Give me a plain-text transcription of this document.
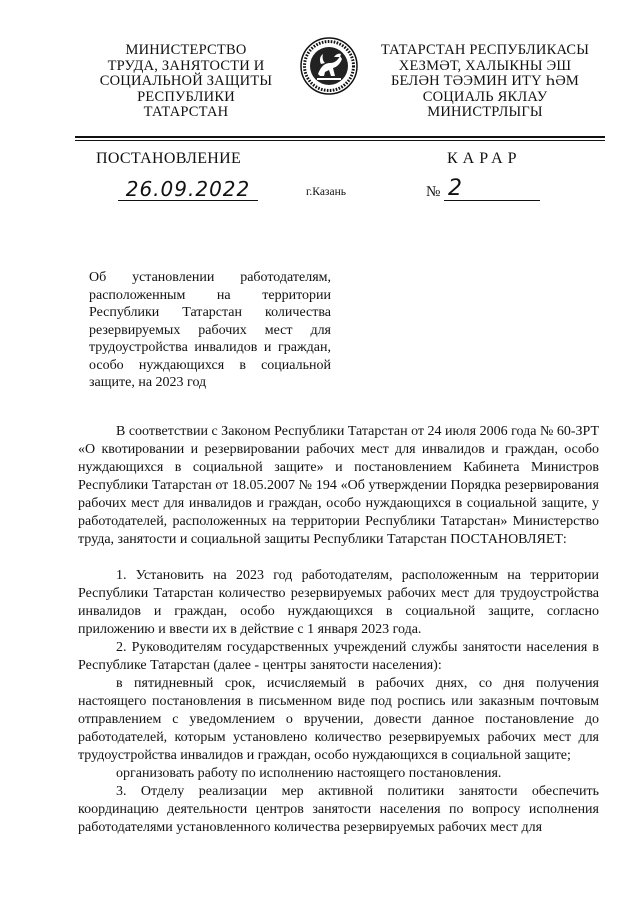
МИНИСТЕРСТВО
ТРУДА, ЗАНЯТОСТИ И
СОЦИАЛЬНОЙ ЗАЩИТЫ
РЕСПУБЛИКИ
ТАТАРСТАН
ТАТАРСТАН РЕСПУБЛИКАСЫ
ХЕЗМӘТ, ХАЛЫКНЫ ЭШ
БЕЛӘН ТӘЭМИН ИТҮ ҺӘМ
СОЦИАЛЬ ЯКЛАУ
МИНИСТРЛЫГЫ
ПОСТАНОВЛЕНИЕ	КАРАР
26.09.2022	г.Казань	№ 2
Об установлении работодателям, расположенным на территории Республики Татарстан количества резервируемых рабочих мест для трудоустройства инвалидов и граждан, особо нуждающихся в социальной защите, на 2023 год

В соответствии с Законом Республики Татарстан от 24 июля 2006 года № 60-ЗРТ «О квотировании и резервировании рабочих мест для инвалидов и граждан, особо нуждающихся в социальной защите» и постановлением Кабинета Министров Республики Татарстан от 18.05.2007 № 194 «Об утверждении Порядка резервирования рабочих мест для инвалидов и граждан, особо нуждающихся в социальной защите, у работодателей, расположенных на территории Республики Татарстан» Министерство труда, занятости и социальной защиты Республики Татарстан ПОСТАНОВЛЯЕТ:

1. Установить на 2023 год работодателям, расположенным на территории Республики Татарстан количество резервируемых рабочих мест для трудоустройства инвалидов и граждан, особо нуждающихся в социальной защите, согласно приложению и ввести их в действие с 1 января 2023 года.

2. Руководителям государственных учреждений службы занятости населения в Республике Татарстан (далее - центры занятости населения):

в пятидневный срок, исчисляемый в рабочих днях, со дня получения настоящего постановления в письменном виде под роспись или заказным почтовым отправлением с уведомлением о вручении, довести данное постановление до работодателей, которым установлено количество резервируемых рабочих мест для трудоустройства инвалидов и граждан, особо нуждающихся в социальной защите;

организовать работу по исполнению настоящего постановления.

3. Отделу реализации мер активной политики занятости обеспечить координацию деятельности центров занятости населения по вопросу исполнения работодателями установленного количества резервируемых рабочих мест для
